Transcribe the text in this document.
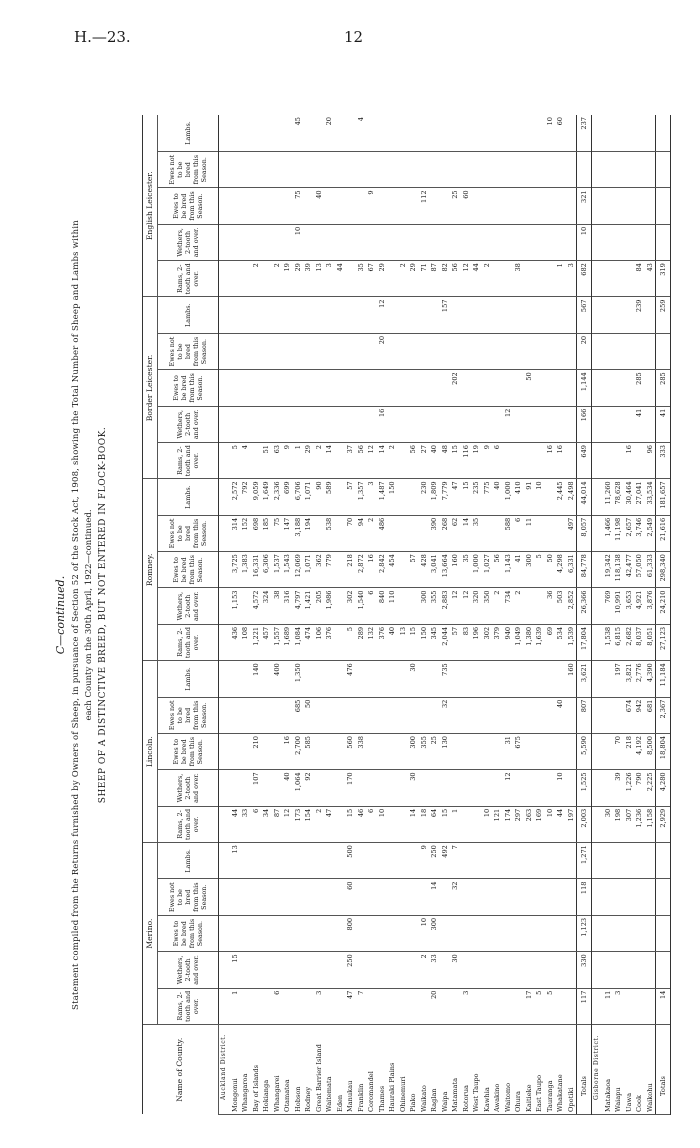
H.—23.	12
C—continued. Statement compiled from the Returns furnished by Owners of Sheep, in pursuance of Section 52 of the Stock Act, 1908, showing the Total Number of Sheep and Lambs within each County on the 30th April, 1922—continued. SHEEP OF A DISTINCTIVE BREED, BUT NOT ENTERED IN FLOCK-BOOK.
Name of County.	Merino.					Lincoln.					Romney.					Border Leicester.					English Leicester.				
	Rams, 2-tooth and over.	Wethers, 2-tooth and over.	Ewes to be bred from this Season.	Ewes not to be bred from this Season.	Lambs.	Rams, 2-tooth and over.	Wethers, 2-tooth and over.	Ewes to be bred from this Season.	Ewes not to be bred from this Season.	Lambs.	Rams, 2-tooth and over.	Wethers, 2-tooth and over.	Ewes to be bred from this Season.	Ewes not to be bred from this Season.	Lambs.	Rams, 2-tooth and over.	Wethers, 2-tooth and over.	Ewes to be bred from this Season.	Ewes not to be bred from this Season.	Lambs.	Rams, 2-tooth and over.	Wethers, 2-tooth and over.	Ewes to be bred from this Season.	Ewes not to be bred from this Season.	Lambs.
Auckland District.																									
Mongonui	1	15			13	44					436	1,153	3,725	314	2,572	5									
Whangaroa						33					108		1,383	152	792	4									
Bay of Islands						6	107	210		140	1,221	4,572	16,331	698	9,059						2				
Hokianga						34					457	324	6,306	185	1,649	51									
Whangarei	6					87				400	1,557	38	1,537	75	2,336	63					2				
Otamatea						12	40	16			1,689	316	1,543	147	699	9					19				
Hobson						173	1,064	2,700	685	1,350	1,084	4,797	12,069	3,188	6,706	1					29	10	75		45
Rodney						154	92	585	50		474	1,421	1,071	194	1,071	29					39				
Great Barrier Island	3					2					106	205	362		90	2					13		40		
Waitemata						47					376	1,986	779	538	589	14					3				20
Eden																					44				
Manukau	47	250	800	60	500	15	170	560		476	5	302	218	70	57	37									
Franklin	7					46		338			289	1,540	2,872	94	1,357	56					35				4
Coromandel						6					132	6	16	2	3	12					67		9		
Thames						10					376	840	2,842	486	1,487	14	16		20	12	29				
Hauraki Plains											40	110	454		150	2									
Ohinemuri											13										2				
Piako						14	30	300		30	15		57			56					29				
Waikato		2	10		9	18		355			150	300	428		230	27					71		112		
Raglan	20	33	300	14	250	64		25			345	355	3,041	390	1,809	40					87				
Waipa					492	15		130	32	735	2,044	2,883	13,664	268	7,779	48				157	82				
Matamata		30		32	7	1					57	12	160	62	47	15		202			56		25		
Rotorua	3										83	12	35	14	15	116					12		60		
West Taupo											196	320	1,000	35	235	19					44				
Kawhia						10					302	350	1,027		775	9					2				
Awakino						121					379	2	56		40	6									
Waitomo						174	12	31			940	734	1,143	588	1,000		12								
Ohura						297		675			1,049	2	41	6	410						38				
Kaitieke	17					263					1,380		300	11	91			50							
East Taupo	5					169					1,639		5		10										
Tauranga	5					10					69	36	50			16									10
Whakatane						44	10		40		534	503	4,298		2,445	16					1				60
Opotiki						197				160	1,539	2,852	6,331	497	2,498						3				
Totals	117	330	1,123	118	1,271	2,003	1,525	5,590	807	3,621	17,804	26,366	84,778	8,057	44,014	649	166	1,144	20	567	682	10	321		237
Gisborne District.																									
Matakaoa	11					30					1,538	769	19,342	1,466	11,260										
Waiapu	3					198	39	70		197	6,815	10,991	118,138	11,198	78,628										
Uawa						307	1,226	218	674	3,821	2,682	3,653	42,477	2,657	30,464	16									
Cook						1,236	790	4,192	942	2,776	8,037	4,921	57,050	3,746	27,041		41	285		239	84				
Waikohu						1,158	2,225	8,500	681	4,390	8,051	3,876	61,333	2,549	33,534	96					43				
Totals	14					2,929	4,280	18,804	2,367	11,184	27,123	24,210	298,340	21,616	181,657	333	41	285		259	319				
